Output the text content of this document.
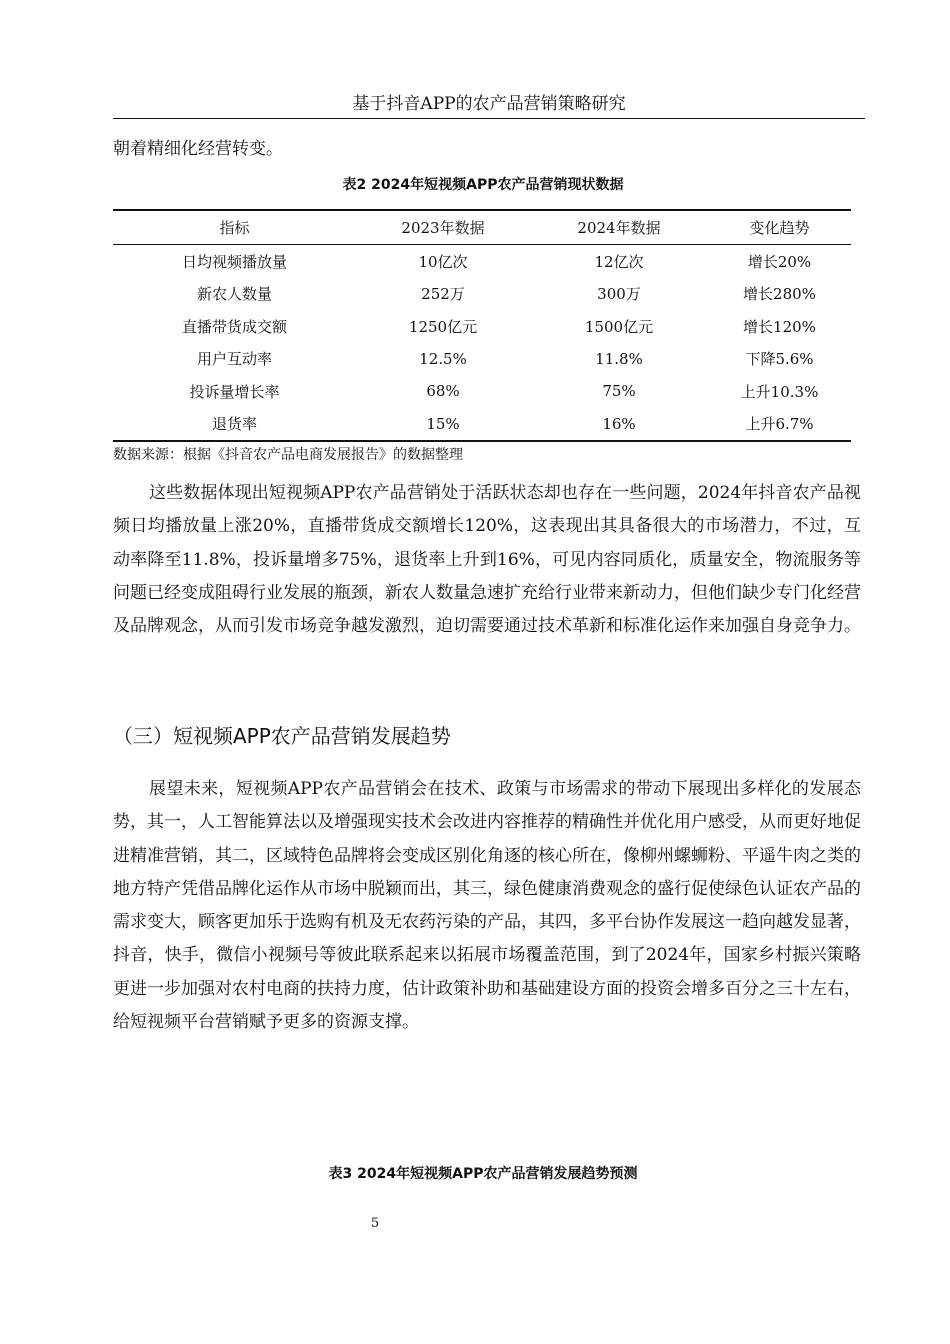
基于抖音APP的农产品营销策略研究
朝着精细化经营转变。
表2 2024年短视频APP农产品营销现状数据
指标	2023年数据	2024年数据	变化趋势
日均视频播放量	10亿次	12亿次	增长20%
新农人数量	252万	300万	增长280%
直播带货成交额	1250亿元	1500亿元	增长120%
用户互动率	12.5%	11.8%	下降5.6%
投诉量增长率	68%	75%	上升10.3%
退货率	15%	16%	上升6.7%
数据来源：根据《抖音农产品电商发展报告》的数据整理
这些数据体现出短视频APP农产品营销处于活跃状态却也存在一些问题，2024年抖音农产品视频日均播放量上涨20%，直播带货成交额增长120%，这表现出其具备很大的市场潜力，不过，互动率降至11.8%，投诉量增多75%，退货率上升到16%，可见内容同质化，质量安全，物流服务等问题已经变成阻碍行业发展的瓶颈，新农人数量急速扩充给行业带来新动力，但他们缺少专门化经营及品牌观念，从而引发市场竞争越发激烈，迫切需要通过技术革新和标准化运作来加强自身竞争力。
（三）短视频APP农产品营销发展趋势
展望未来，短视频APP农产品营销会在技术、政策与市场需求的带动下展现出多样化的发展态势，其一，人工智能算法以及增强现实技术会改进内容推荐的精确性并优化用户感受，从而更好地促进精准营销，其二，区域特色品牌将会变成区别化角逐的核心所在，像柳州螺蛳粉、平遥牛肉之类的地方特产凭借品牌化运作从市场中脱颖而出，其三，绿色健康消费观念的盛行促使绿色认证农产品的需求变大，顾客更加乐于选购有机及无农药污染的产品，其四，多平台协作发展这一趋向越发显著，抖音，快手，微信小视频号等彼此联系起来以拓展市场覆盖范围，到了2024年，国家乡村振兴策略更进一步加强对农村电商的扶持力度，估计政策补助和基础建设方面的投资会增多百分之三十左右，给短视频平台营销赋予更多的资源支撑。
表3 2024年短视频APP农产品营销发展趋势预测
5
